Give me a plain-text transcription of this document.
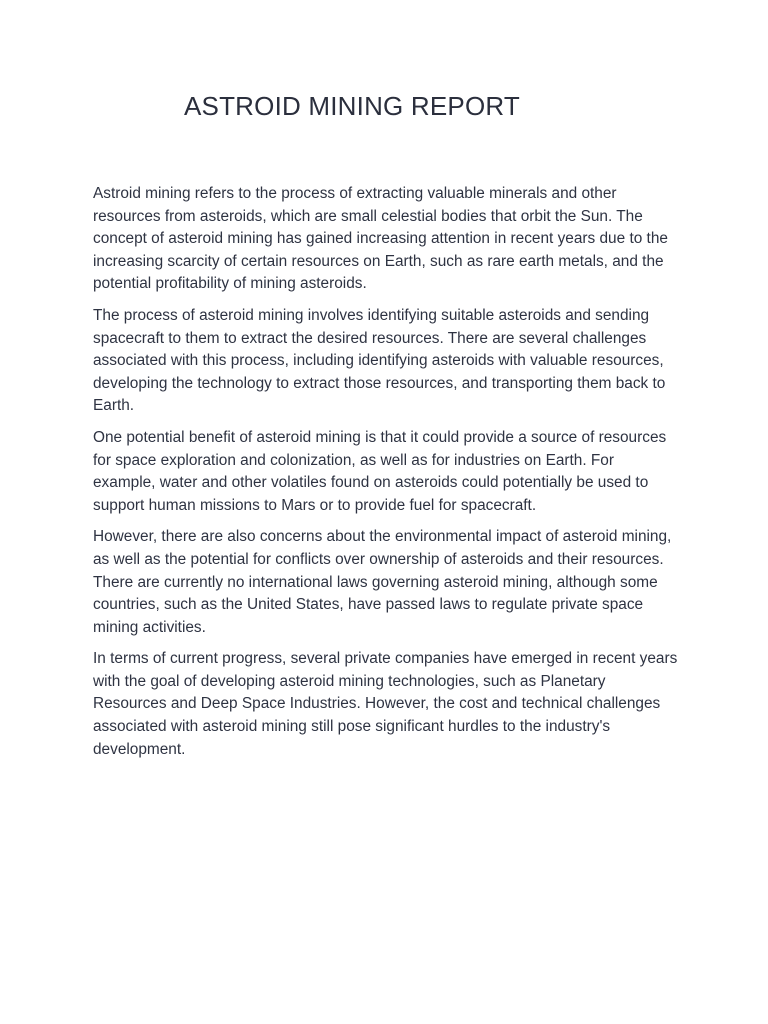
ASTROID MINING REPORT

Astroid mining refers to the process of extracting valuable minerals and other resources from asteroids, which are small celestial bodies that orbit the Sun. The concept of asteroid mining has gained increasing attention in recent years due to the increasing scarcity of certain resources on Earth, such as rare earth metals, and the potential profitability of mining asteroids.

The process of asteroid mining involves identifying suitable asteroids and sending spacecraft to them to extract the desired resources. There are several challenges associated with this process, including identifying asteroids with valuable resources, developing the technology to extract those resources, and transporting them back to Earth.

One potential benefit of asteroid mining is that it could provide a source of resources for space exploration and colonization, as well as for industries on Earth. For example, water and other volatiles found on asteroids could potentially be used to support human missions to Mars or to provide fuel for spacecraft.

However, there are also concerns about the environmental impact of asteroid mining, as well as the potential for conflicts over ownership of asteroids and their resources. There are currently no international laws governing asteroid mining, although some countries, such as the United States, have passed laws to regulate private space mining activities.

In terms of current progress, several private companies have emerged in recent years with the goal of developing asteroid mining technologies, such as Planetary Resources and Deep Space Industries. However, the cost and technical challenges associated with asteroid mining still pose significant hurdles to the industry's development.
